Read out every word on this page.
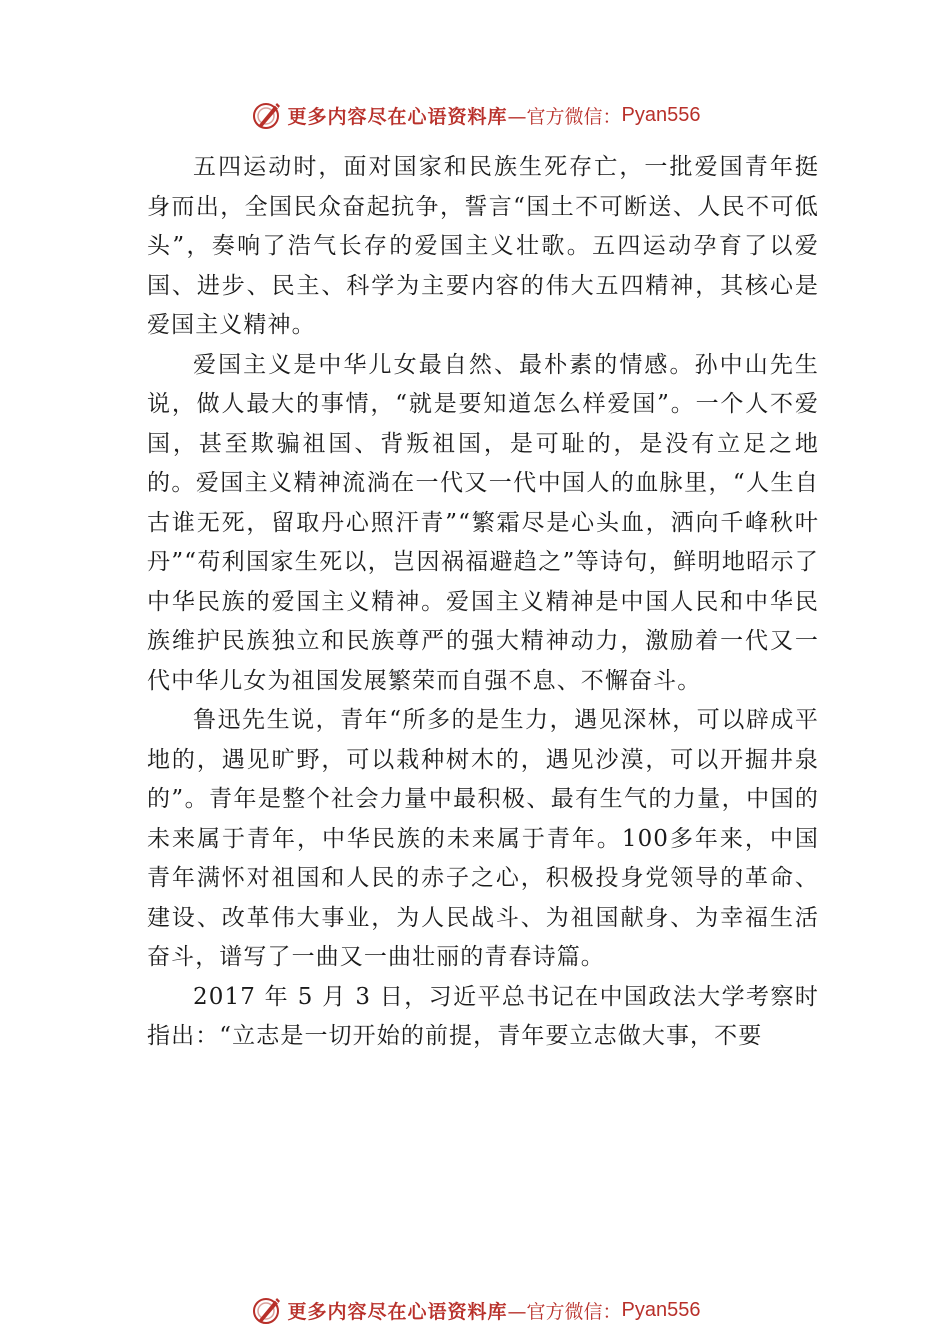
更多内容尽在心语资料库 —官方微信： Pyan556

五四运动时，面对国家和民族生死存亡，一批爱国青年挺身而出，全国民众奋起抗争，誓言“国土不可断送、人民不可低头”，奏响了浩气长存的爱国主义壮歌。五四运动孕育了以爱国、进步、民主、科学为主要内容的伟大五四精神，其核心是爱国主义精神。

爱国主义是中华儿女最自然、最朴素的情感。孙中山先生说，做人最大的事情，“就是要知道怎么样爱国”。一个人不爱国，甚至欺骗祖国、背叛祖国，是可耻的，是没有立足之地的。爱国主义精神流淌在一代又一代中国人的血脉里，“人生自古谁无死，留取丹心照汗青”“繁霜尽是心头血，洒向千峰秋叶丹”“苟利国家生死以，岂因祸福避趋之”等诗句，鲜明地昭示了中华民族的爱国主义精神。爱国主义精神是中国人民和中华民族维护民族独立和民族尊严的强大精神动力，激励着一代又一代中华儿女为祖国发展繁荣而自强不息、不懈奋斗。

鲁迅先生说，青年“所多的是生力，遇见深林，可以辟成平地的，遇见旷野，可以栽种树木的，遇见沙漠，可以开掘井泉的”。青年是整个社会力量中最积极、最有生气的力量，中国的未来属于青年，中华民族的未来属于青年。100多年来，中国青年满怀对祖国和人民的赤子之心，积极投身党领导的革命、建设、改革伟大事业，为人民战斗、为祖国献身、为幸福生活奋斗，谱写了一曲又一曲壮丽的青春诗篇。

2017 年 5 月 3 日，习近平总书记在中国政法大学考察时指出：“立志是一切开始的前提，青年要立志做大事，不要

更多内容尽在心语资料库 —官方微信： Pyan556
